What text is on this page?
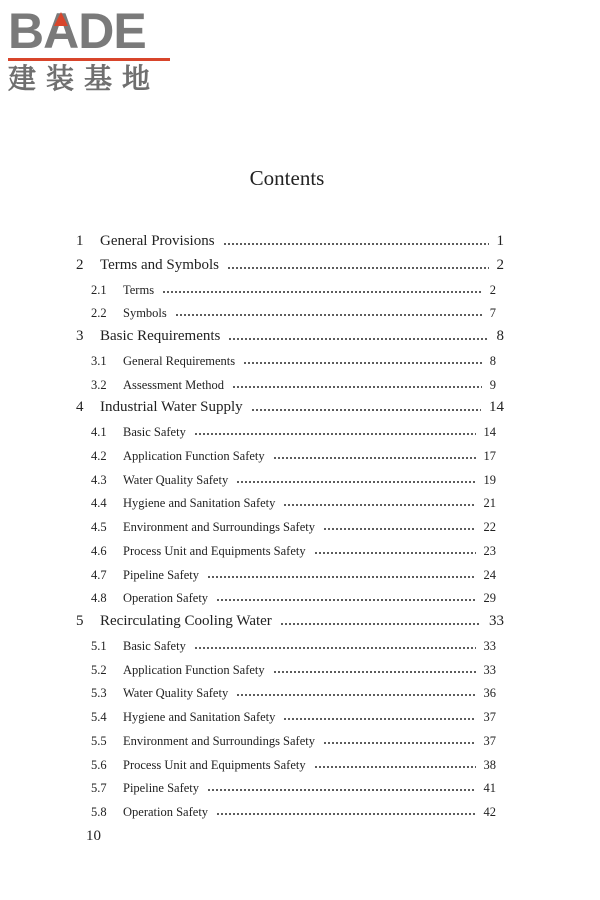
BA
DE
建装基地
Contents
1	General Provisions	1
2	Terms and Symbols	2
2.1	Terms	2
2.2	Symbols	7
3	Basic Requirements	8
3.1	General Requirements	8
3.2	Assessment Method	9
4	Industrial Water Supply	14
4.1	Basic Safety	14
4.2	Application Function Safety	17
4.3	Water Quality Safety	19
4.4	Hygiene and Sanitation Safety	21
4.5	Environment and Surroundings Safety	22
4.6	Process Unit and Equipments Safety	23
4.7	Pipeline Safety	24
4.8	Operation Safety	29
5	Recirculating Cooling Water	33
5.1	Basic Safety	33
5.2	Application Function Safety	33
5.3	Water Quality Safety	36
5.4	Hygiene and Sanitation Safety	37
5.5	Environment and Surroundings Safety	37
5.6	Process Unit and Equipments Safety	38
5.7	Pipeline Safety	41
5.8	Operation Safety	42
10
